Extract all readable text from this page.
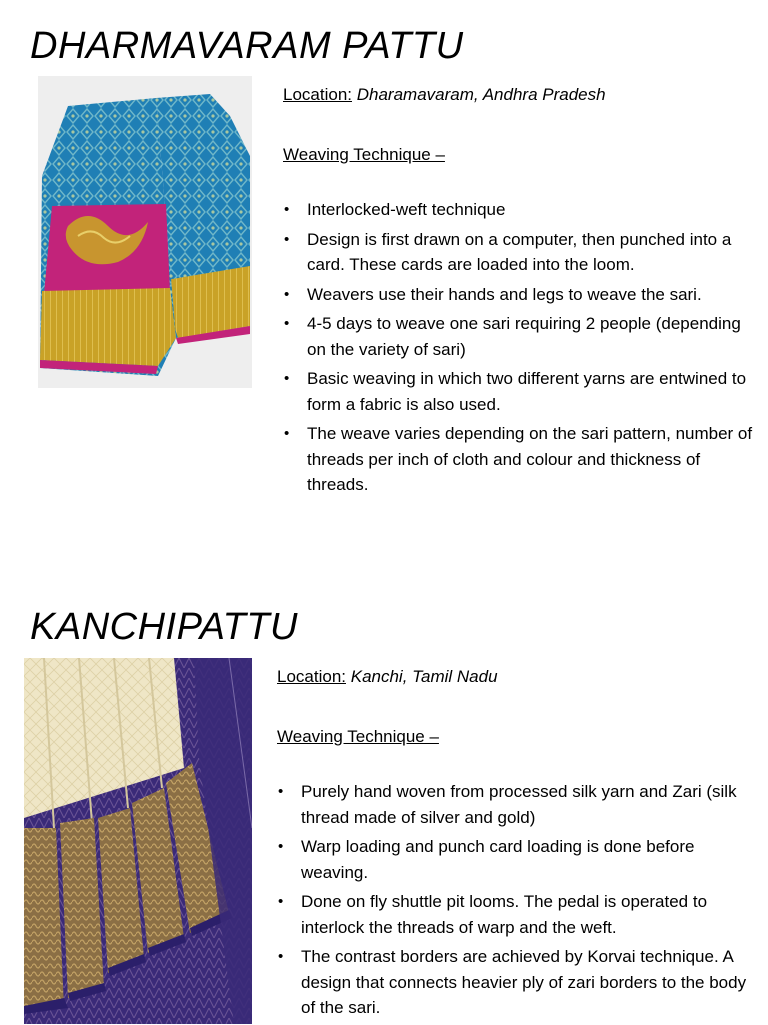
DHARMAVARAM PATTU

Location: Dharamavaram, Andhra Pradesh

Weaving Technique –

• Interlocked-weft technique
• Design is first drawn on a computer, then punched into a card. These cards are loaded into the loom.
• Weavers use their hands and legs to weave the sari.
• 4-5 days to weave one sari requiring 2 people (depending on the variety of sari)
• Basic weaving in which two different yarns are entwined to form a fabric is also used.
• The weave varies depending on the sari pattern, number of threads per inch of cloth and colour and thickness of threads.
KANCHIPATTU

Location: Kanchi, Tamil Nadu

Weaving Technique –

• Purely hand woven from processed silk yarn and Zari (silk thread made of silver and gold)
• Warp loading and punch card loading is done before weaving.
• Done on fly shuttle pit looms. The pedal is operated to interlock the threads of warp and the weft.
• The contrast borders are achieved by Korvai technique. A design that connects heavier ply of zari borders to the body of the sari.
